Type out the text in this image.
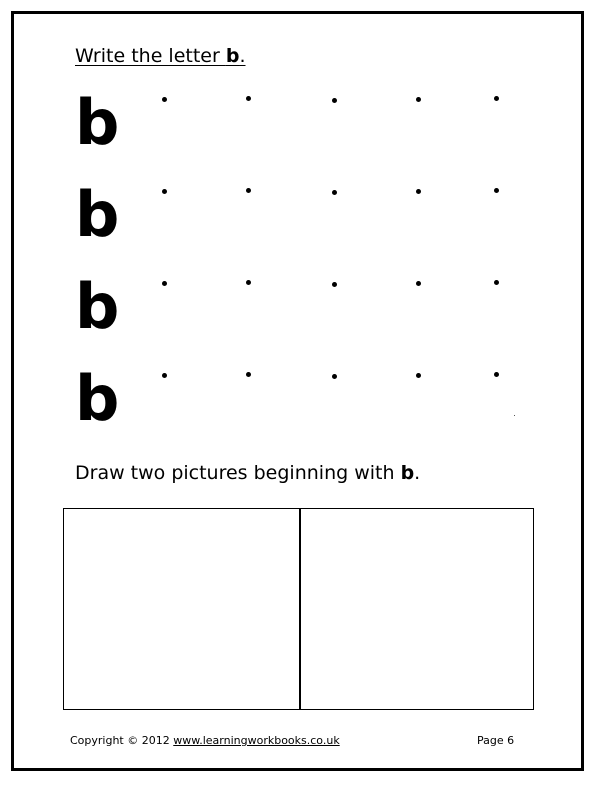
Write the letter b.
b
b
b
b
Draw two pictures beginning with b.
Copyright © 2012 www.learningworkbooks.co.uk	Page 6
